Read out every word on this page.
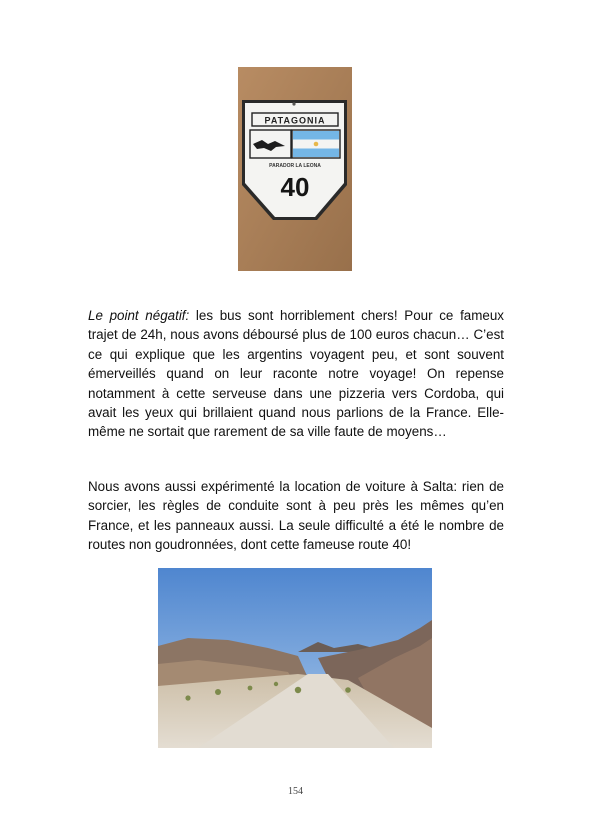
PATAGONIA
PARADOR LA LEONA
40

Le point négatif: les bus sont horriblement chers! Pour ce fameux trajet de 24h, nous avons déboursé plus de 100 euros chacun… C’est ce qui explique que les argentins voyagent peu, et sont souvent émerveillés quand on leur raconte notre voyage! On repense notamment à cette serveuse dans une pizzeria vers Cordoba, qui avait les yeux qui brillaient quand nous parlions de la France. Elle-même ne sortait que rarement de sa ville faute de moyens…

Nous avons aussi expérimenté la location de voiture à Salta: rien de sorcier, les règles de conduite sont à peu près les mêmes qu’en France, et les panneaux aussi. La seule difficulté a été le nombre de routes non goudronnées, dont cette fameuse route 40!

154
